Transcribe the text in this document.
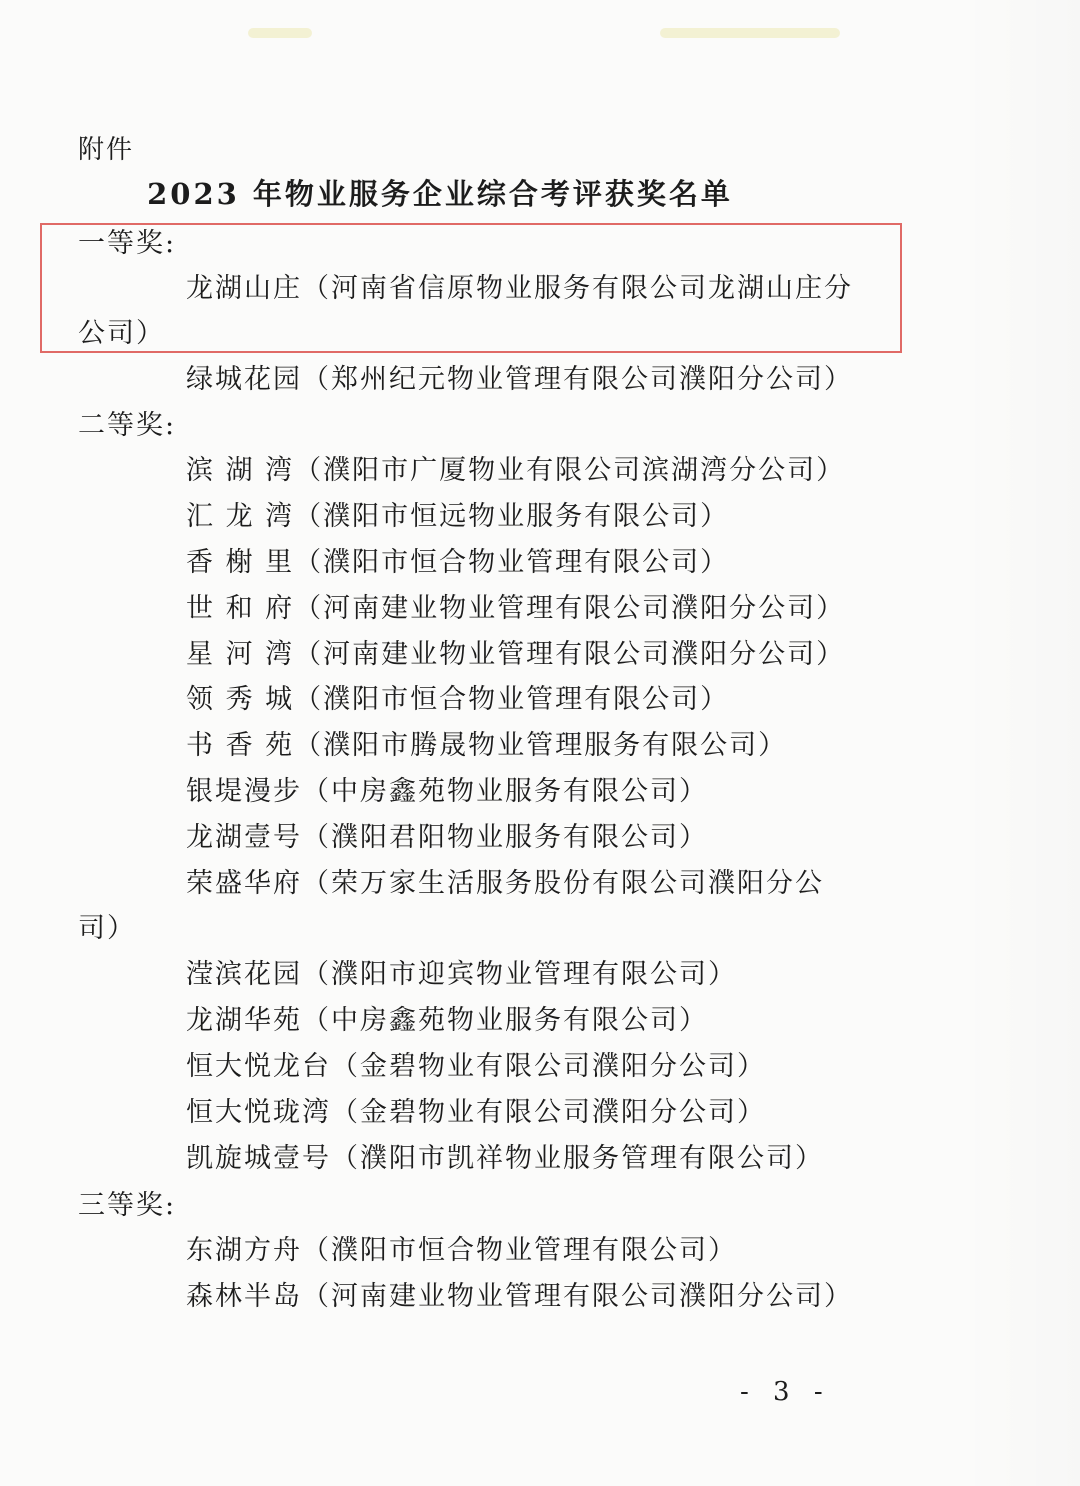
附件
2023 年物业服务企业综合考评获奖名单
一等奖:
龙湖山庄（河南省信原物业服务有限公司龙湖山庄分
公司）
绿城花园（郑州纪元物业管理有限公司濮阳分公司）
二等奖:
滨 湖 湾（濮阳市广厦物业有限公司滨湖湾分公司）
汇 龙 湾（濮阳市恒远物业服务有限公司）
香 榭 里（濮阳市恒合物业管理有限公司）
世 和 府（河南建业物业管理有限公司濮阳分公司）
星 河 湾（河南建业物业管理有限公司濮阳分公司）
领 秀 城（濮阳市恒合物业管理有限公司）
书 香 苑（濮阳市腾晟物业管理服务有限公司）
银堤漫步（中房鑫苑物业服务有限公司）
龙湖壹号（濮阳君阳物业服务有限公司）
荣盛华府（荣万家生活服务股份有限公司濮阳分公
司）
滢滨花园（濮阳市迎宾物业管理有限公司）
龙湖华苑（中房鑫苑物业服务有限公司）
恒大悦龙台（金碧物业有限公司濮阳分公司）
恒大悦珑湾（金碧物业有限公司濮阳分公司）
凯旋城壹号（濮阳市凯祥物业服务管理有限公司）
三等奖:
东湖方舟（濮阳市恒合物业管理有限公司）
森林半岛（河南建业物业管理有限公司濮阳分公司）
- 3 -
